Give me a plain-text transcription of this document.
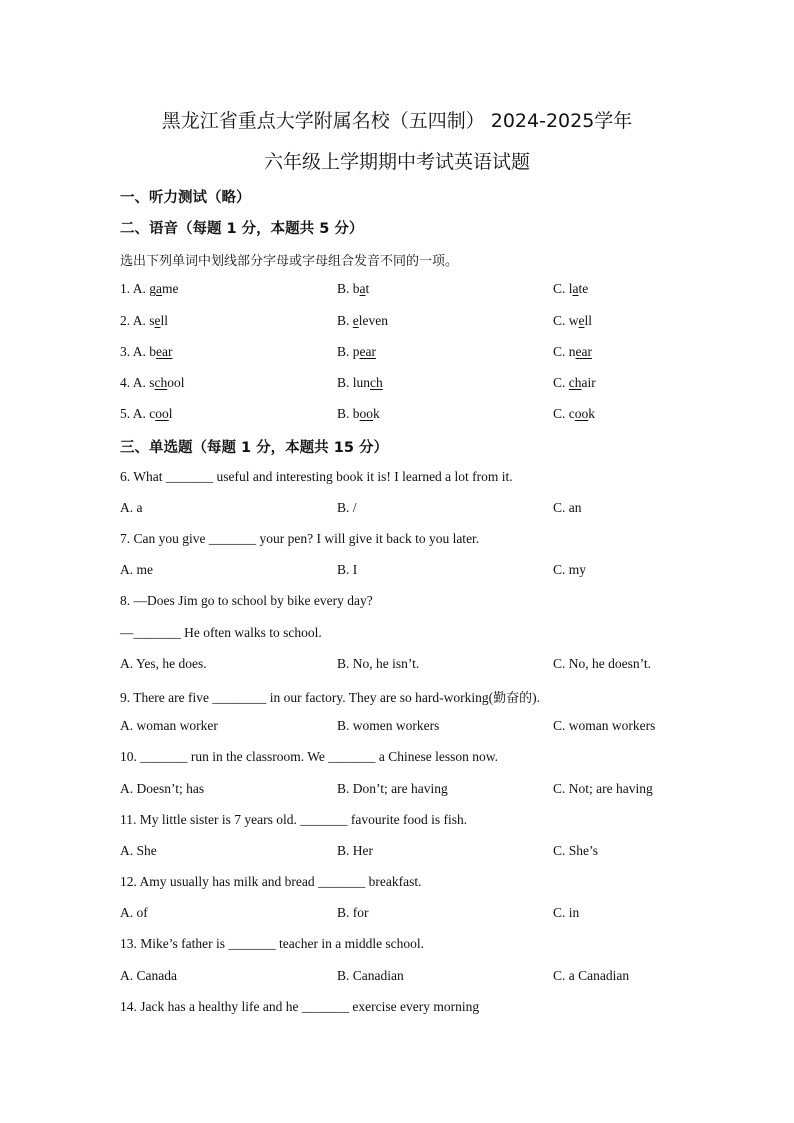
黑龙江省重点大学附属名校（五四制） 2024-2025学年
六年级上学期期中考试英语试题
一、听力测试（略）
二、语音（每题 1 分，本题共 5 分）
选出下列单词中划线部分字母或字母组合发音不同的一项。
1. A. game	B. bat	C. late
2. A. sell	B. eleven	C. well
3. A. bear	B. pear	C. near
4. A. school	B. lunch	C. chair
5. A. cool	B. book	C. cook
三、单选题（每题 1 分，本题共 15 分）
6. What _______ useful and interesting book it is! I learned a lot from it.
A. a	B. /	C. an
7. Can you give _______ your pen? I will give it back to you later.
A. me	B. I	C. my
8. —Does Jim go to school by bike every day?
—_______ He often walks to school.
A. Yes, he does.	B. No, he isn’t.	C. No, he doesn’t.
9. There are five ________ in our factory. They are so hard-working(勤奋的).
A. woman worker	B. women workers	C. woman workers
10. _______ run in the classroom. We _______ a Chinese lesson now.
A. Doesn’t; has	B. Don’t; are having	C. Not; are having
11. My little sister is 7 years old. _______ favourite food is fish.
A. She	B. Her	C. She’s
12. Amy usually has milk and bread _______ breakfast.
A. of	B. for	C. in
13. Mike’s father is _______ teacher in a middle school.
A. Canada	B. Canadian	C. a Canadian
14. Jack has a healthy life and he _______ exercise every morning
